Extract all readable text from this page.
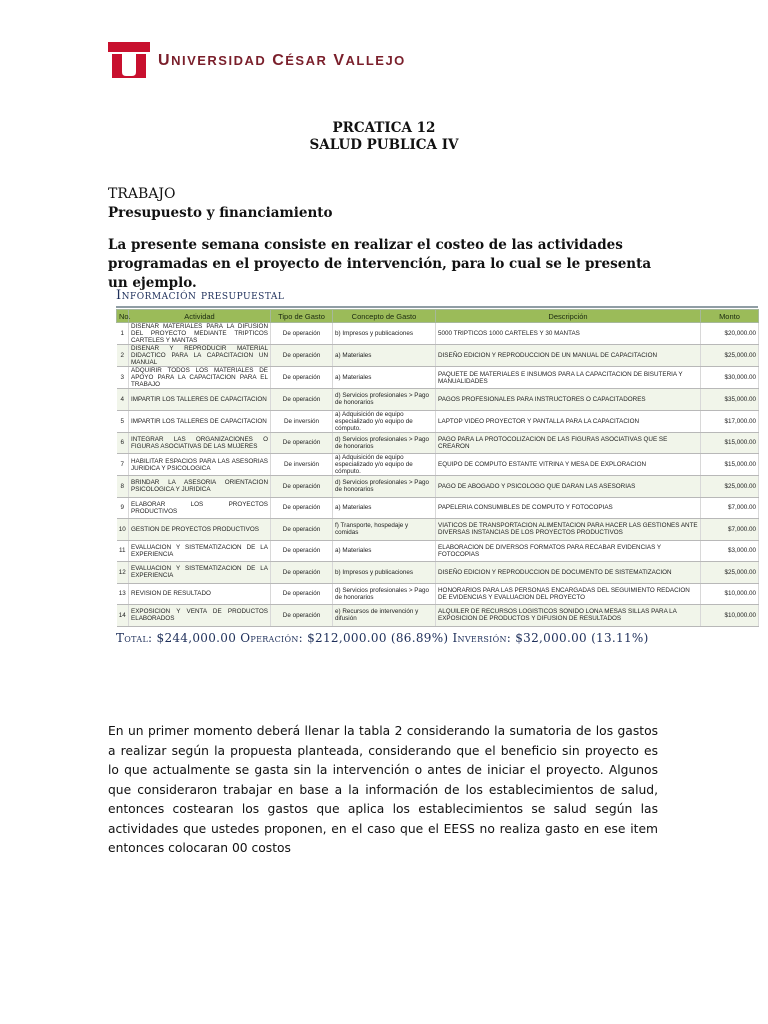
UNIVERSIDAD CÉSAR VALLEJO
PRCATICA 12
SALUD PUBLICA IV
TRABAJO
Presupuesto y financiamiento
La presente semana consiste en realizar el costeo de las actividades programadas en el proyecto de intervención, para lo cual se le presenta un ejemplo.
Información presupuestal
No.	Actividad	Tipo de Gasto	Concepto de Gasto	Descripción	Monto
1	DISEÑAR MATERIALES PARA LA DIFUSION DEL PROYECTO MEDIANTE TRIPTICOS CARTELES Y MANTAS	De operación	b) Impresos y publicaciones	5000 TRIPTICOS 1000 CARTELES Y 30 MANTAS	$20,000.00
2	DISEÑAR Y REPRODUCIR MATERIAL DIDACTICO PARA LA CAPACITACION UN MANUAL	De operación	a) Materiales	DISEÑO EDICION Y REPRODUCCION DE UN MANUAL DE CAPACITACION	$25,000.00
3	ADQUIRIR TODOS LOS MATERIALES DE APOYO PARA LA CAPACITACION PARA EL TRABAJO	De operación	a) Materiales	PAQUETE DE MATERIALES E INSUMOS PARA LA CAPACITACION DE BISUTERIA Y MANUALIDADES	$30,000.00
4	IMPARTIR LOS TALLERES DE CAPACITACION	De operación	d) Servicios profesionales > Pago de honorarios	PAGOS PROFESIONALES PARA INSTRUCTORES O CAPACITADORES	$35,000.00
5	IMPARTIR LOS TALLERES DE CAPACITACION	De inversión	a) Adquisición de equipo especializado y/o equipo de cómputo.	LAPTOP VIDEO PROYECTOR Y PANTALLA PARA LA CAPACITACION	$17,000.00
6	INTEGRAR LAS ORGANIZACIONES O FIGURAS ASOCIATIVAS DE LAS MUJERES	De operación	d) Servicios profesionales > Pago de honorarios	PAGO PARA LA PROTOCOLIZACION DE LAS FIGURAS ASOCIATIVAS QUE SE CREARON	$15,000.00
7	HABILITAR ESPACIOS PARA LAS ASESORIAS JURIDICA Y PSICOLOGICA	De inversión	a) Adquisición de equipo especializado y/o equipo de cómputo.	EQUIPO DE COMPUTO ESTANTE VITRINA Y MESA DE EXPLORACION	$15,000.00
8	BRINDAR LA ASESORIA ORIENTACION PSICOLOGICA Y JURIDICA	De operación	d) Servicios profesionales > Pago de honorarios	PAGO DE ABOGADO Y PSICOLOGO QUE DARAN LAS ASESORIAS	$25,000.00
9	ELABORAR LOS PROYECTOS PRODUCTIVOS	De operación	a) Materiales	PAPELERIA CONSUMIBLES DE COMPUTO Y FOTOCOPIAS	$7,000.00
10	GESTION DE PROYECTOS PRODUCTIVOS	De operación	f) Transporte, hospedaje y comidas	VIATICOS DE TRANSPORTACION ALIMENTACION PARA HACER LAS GESTIONES ANTE DIVERSAS INSTANCIAS DE LOS PROYECTOS PRODUCTIVOS	$7,000.00
11	EVALUACION Y SISTEMATIZACION DE LA EXPERIENCIA	De operación	a) Materiales	ELABORACION DE DIVERSOS FORMATOS PARA RECABAR EVIDENCIAS Y FOTOCOPIAS	$3,000.00
12	EVALUACION Y SISTEMATIZACION DE LA EXPERIENCIA	De operación	b) Impresos y publicaciones	DISEÑO EDICION Y REPRODUCCION DE DOCUMENTO DE SISTEMATIZACION	$25,000.00
13	REVISION DE RESULTADO	De operación	d) Servicios profesionales > Pago de honorarios	HONORARIOS PARA LAS PERSONAS ENCARGADAS DEL SEGUIMIENTO REDACION DE EVIDENCIAS Y EVALUACION DEL PROYECTO	$10,000.00
14	EXPOSICION Y VENTA DE PRODUCTOS ELABORADOS	De operación	e) Recursos de intervención y difusión	ALQUILER DE RECURSOS LOGISTICOS SONIDO LONA MESAS SILLAS PARA LA EXPOSICION DE PRODUCTOS Y DIFUSION DE RESULTADOS	$10,000.00
Total: $244,000.00 Operación: $212,000.00 (86.89%) Inversión: $32,000.00 (13.11%)
En un primer momento deberá llenar la tabla 2 considerando la sumatoria de los gastos a realizar según la propuesta planteada, considerando que el beneficio sin proyecto es lo que actualmente se gasta sin la intervención o antes de iniciar el proyecto. Algunos que consideraron trabajar en base a la información de los establecimientos de salud, entonces costearan los gastos que aplica los establecimientos se salud según las actividades que ustedes proponen, en el caso que el EESS no realiza gasto en ese item entonces colocaran 00 costos
